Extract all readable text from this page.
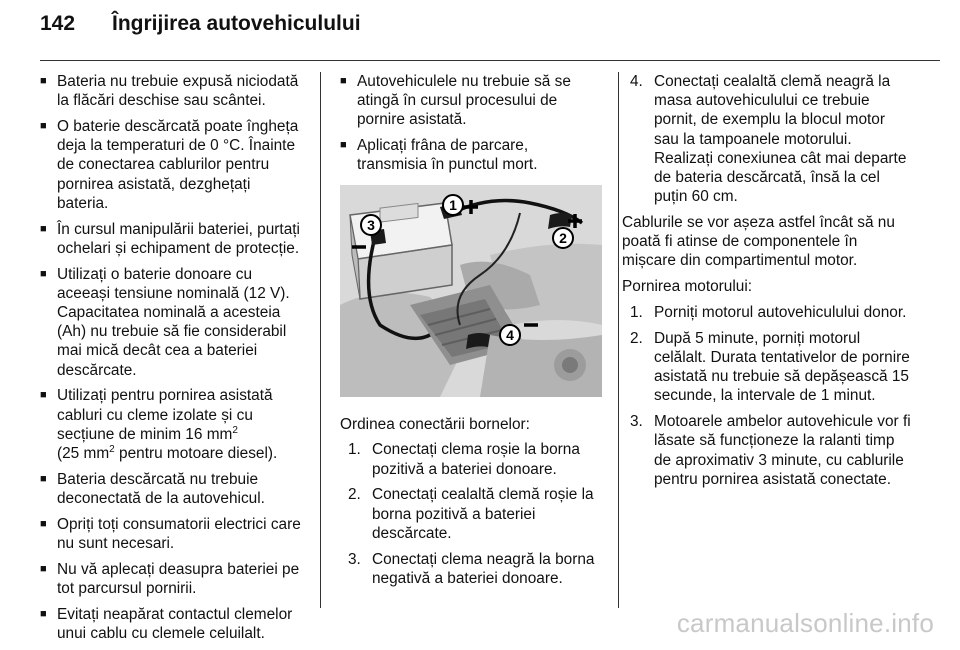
142	Îngrijirea autovehiculului
■ Bateria nu trebuie expusă niciodată la flăcări deschise sau scântei.
■ O baterie descărcată poate îngheța deja la temperaturi de 0 °C. Înainte de conectarea cablurilor pentru pornirea asistată, dezghețați bateria.
■ În cursul manipulării bateriei, purtați ochelari și echipament de protecție.
■ Utilizați o baterie donoare cu aceeași tensiune nominală (12 V). Capacitatea nominală a acesteia (Ah) nu trebuie să fie considerabil mai mică decât cea a bateriei descărcate.
■ Utilizați pentru pornirea asistată cabluri cu cleme izolate și cu secțiune de minim 16 $mm^2$
(25 $mm^2$ pentru motoare diesel).
■ Bateria descărcată nu trebuie deconectată de la autovehicul.
■ Opriți toți consumatorii electrici care nu sunt necesari.
■ Nu vă aplecați deasupra bateriei pe tot parcursul pornirii.
■ Evitați neapărat contactul clemelor unui cablu cu clemele celuilalt.
■ Autovehiculele nu trebuie să se atingă în cursul procesului de pornire asistată.
■ Aplicați frâna de parcare, transmisia în punctul mort.
1
2
3
4

Ordinea conectării bornelor:

1. Conectați clema roșie la borna pozitivă a bateriei donoare.
2. Conectați cealaltă clemă roșie la borna pozitivă a bateriei descărcate.
3. Conectați clema neagră la borna negativă a bateriei donoare.
4. Conectați cealaltă clemă neagră la masa autovehiculului ce trebuie pornit, de exemplu la blocul motor sau la tampoanele motorului. Realizați conexiunea cât mai departe de bateria descărcată, însă la cel puțin 60 cm.

Cablurile se vor așeza astfel încât să nu poată fi atinse de componentele în mișcare din compartimentul motor.

Pornirea motorului:

1. Porniți motorul autovehiculului donor.
2. După 5 minute, porniți motorul celălalt. Durata tentativelor de pornire asistată nu trebuie să depășească 15 secunde, la intervale de 1 minut.
3. Motoarele ambelor autovehicule vor fi lăsate să funcționeze la ralanti timp de aproximativ 3 minute, cu cablurile pentru pornirea asistată conectate.
carmanualsonline.info
